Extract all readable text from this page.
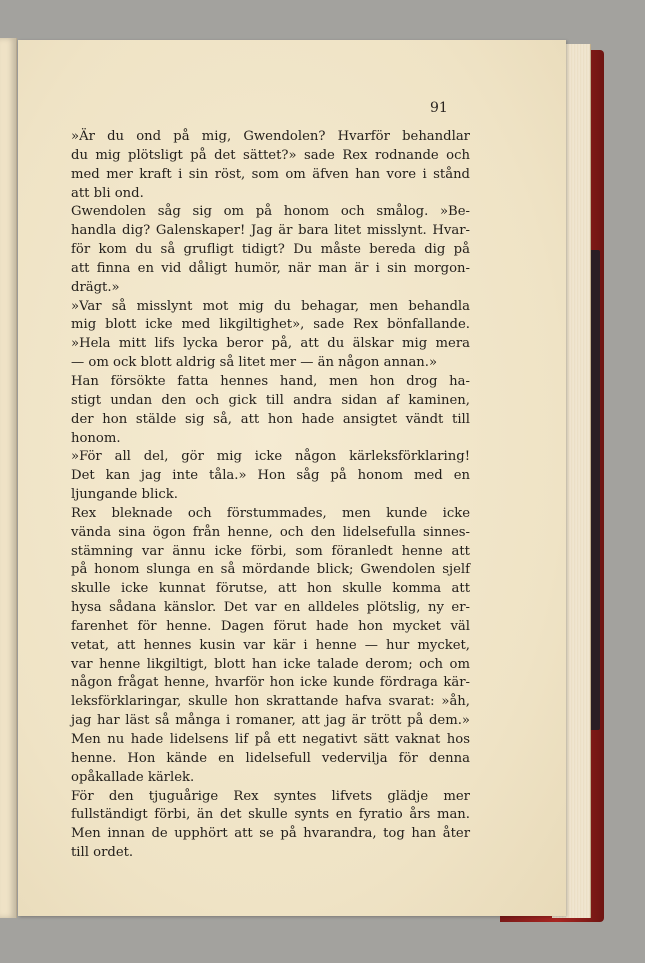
91

»Är du ond på mig, Gwendolen? Hvarför behandlar
du mig plötsligt på det sättet?» sade Rex rodnande och
med mer kraft i sin röst, som om äfven han vore i stånd
att bli ond.

Gwendolen såg sig om på honom och smålog. »Be-
handla dig? Galenskaper! Jag är bara litet misslynt. Hvar-
för kom du så grufligt tidigt? Du måste bereda dig på
att finna en vid dåligt humör, när man är i sin morgon-
drägt.»

»Var så misslynt mot mig du behagar, men behandla
mig blott icke med likgiltighet», sade Rex bönfallande.
»Hela mitt lifs lycka beror på, att du älskar mig mera
— om ock blott aldrig så litet mer — än någon annan.»

Han försökte fatta hennes hand, men hon drog ha-
stigt undan den och gick till andra sidan af kaminen,
der hon stälde sig så, att hon hade ansigtet vändt till
honom.

»För all del, gör mig icke någon kärleksförklaring!
Det kan jag inte tåla.» Hon såg på honom med en
ljungande blick.

Rex bleknade och förstummades, men kunde icke
vända sina ögon från henne, och den lidelsefulla sinnes-
stämning var ännu icke förbi, som föranledt henne att
på honom slunga en så mördande blick; Gwendolen sjelf
skulle icke kunnat förutse, att hon skulle komma att
hysa sådana känslor. Det var en alldeles plötslig, ny er-
farenhet för henne. Dagen förut hade hon mycket väl
vetat, att hennes kusin var kär i henne — hur mycket,
var henne likgiltigt, blott han icke talade derom; och om
någon frågat henne, hvarför hon icke kunde fördraga kär-
leksförklaringar, skulle hon skrattande hafva svarat: »åh,
jag har läst så många i romaner, att jag är trött på dem.»
Men nu hade lidelsens lif på ett negativt sätt vaknat hos
henne. Hon kände en lidelsefull vedervilja för denna
opåkallade kärlek.

För den tjuguårige Rex syntes lifvets glädje mer
fullständigt förbi, än det skulle synts en fyratio års man.
Men innan de upphört att se på hvarandra, tog han åter
till ordet.
